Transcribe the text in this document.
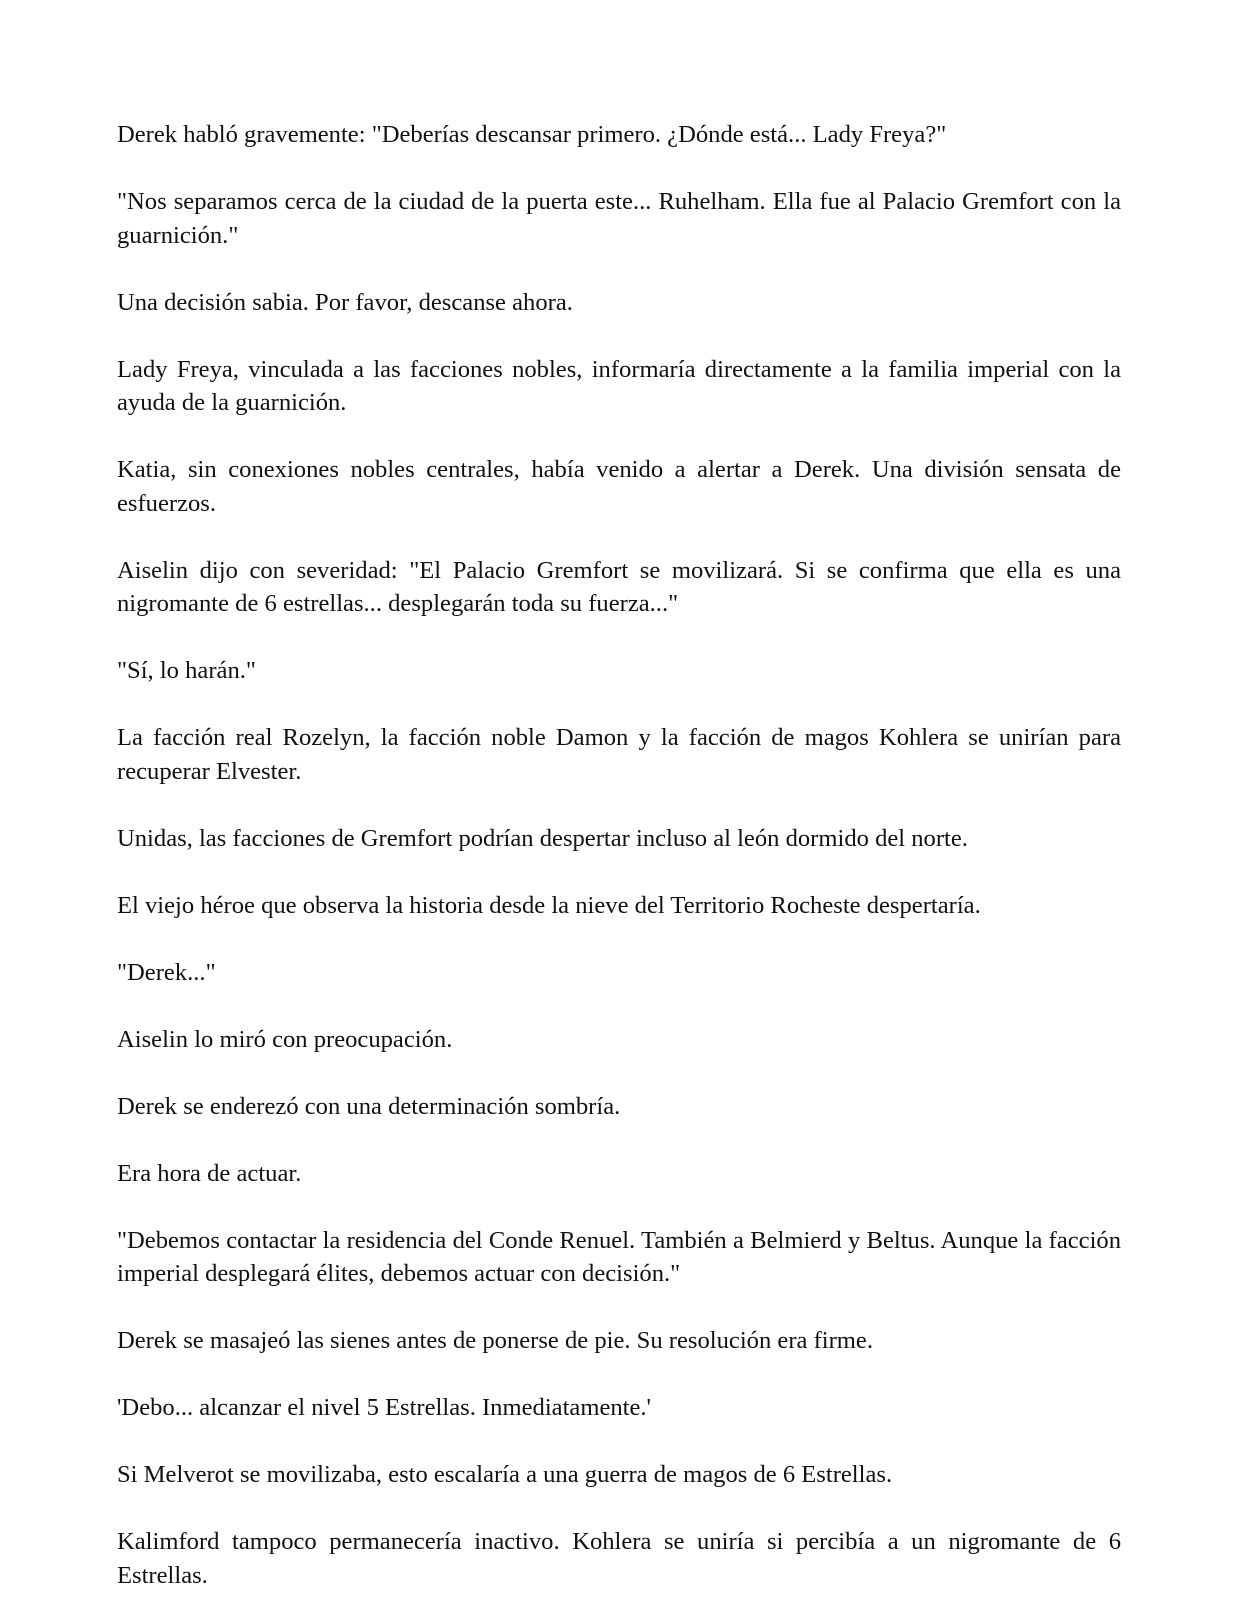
Derek habló gravemente: "Deberías descansar primero. ¿Dónde está... Lady Freya?"

"Nos separamos cerca de la ciudad de la puerta este... Ruhelham. Ella fue al Palacio Gremfort con la guarnición."

Una decisión sabia. Por favor, descanse ahora.

Lady Freya, vinculada a las facciones nobles, informaría directamente a la familia imperial con la ayuda de la guarnición.

Katia, sin conexiones nobles centrales, había venido a alertar a Derek. Una división sensata de esfuerzos.

Aiselin dijo con severidad: "El Palacio Gremfort se movilizará. Si se confirma que ella es una nigromante de 6 estrellas... desplegarán toda su fuerza..."

"Sí, lo harán."

La facción real Rozelyn, la facción noble Damon y la facción de magos Kohlera se unirían para recuperar Elvester.

Unidas, las facciones de Gremfort podrían despertar incluso al león dormido del norte.

El viejo héroe que observa la historia desde la nieve del Territorio Rocheste despertaría.

"Derek..."

Aiselin lo miró con preocupación.

Derek se enderezó con una determinación sombría.

Era hora de actuar.

"Debemos contactar la residencia del Conde Renuel. También a Belmierd y Beltus. Aunque la facción imperial desplegará élites, debemos actuar con decisión."

Derek se masajeó las sienes antes de ponerse de pie. Su resolución era firme.

'Debo... alcanzar el nivel 5 Estrellas. Inmediatamente.'

Si Melverot se movilizaba, esto escalaría a una guerra de magos de 6 Estrellas.

Kalimford tampoco permanecería inactivo. Kohlera se uniría si percibía a un nigromante de 6 Estrellas.
